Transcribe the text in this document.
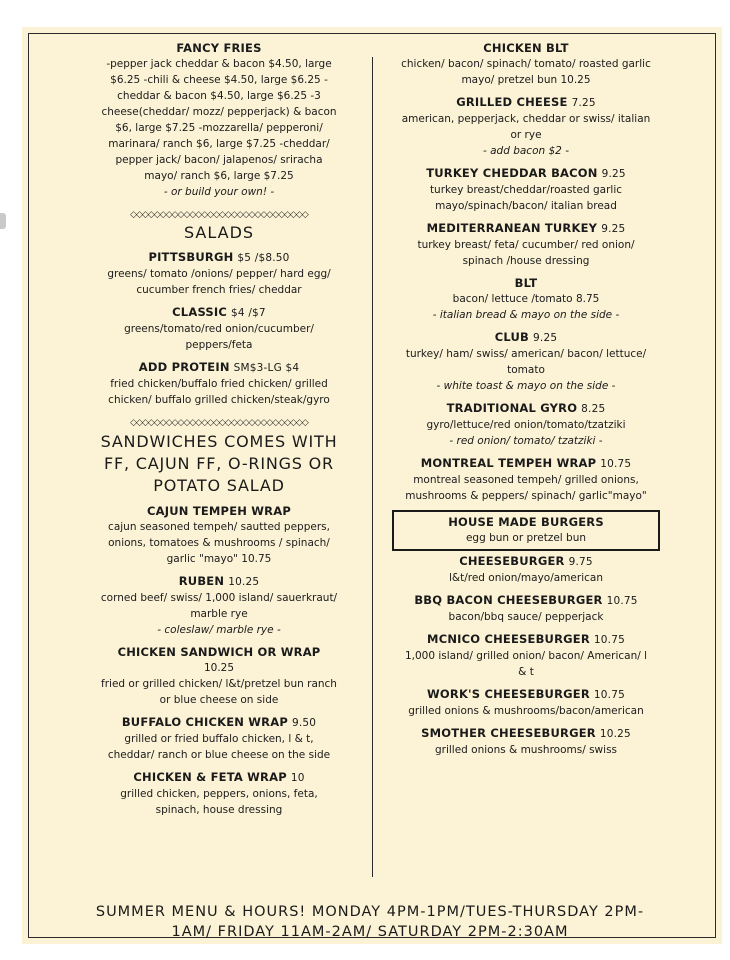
FANCY FRIES
-pepper jack cheddar & bacon $4.50, large $6.25 -chili & cheese $4.50, large $6.25 -cheddar & bacon $4.50, large $6.25 -3 cheese(cheddar/ mozz/ pepperjack) & bacon $6, large $7.25 -mozzarella/ pepperoni/ marinara/ ranch $6, large $7.25 -cheddar/ pepper jack/ bacon/ jalapenos/ sriracha mayo/ ranch $6, large $7.25
- or build your own! -
◇◇◇◇◇◇◇◇◇◇◇◇◇◇◇◇◇◇◇◇◇◇◇◇◇◇◇◇◇◇
SALADS
PITTSBURGH $5 /$8.50
greens/ tomato /onions/ pepper/ hard egg/ cucumber french fries/ cheddar
CLASSIC $4 /$7
greens/tomato/red onion/cucumber/ peppers/feta
ADD PROTEIN SM$3-LG $4
fried chicken/buffalo fried chicken/ grilled chicken/ buffalo grilled chicken/steak/gyro
◇◇◇◇◇◇◇◇◇◇◇◇◇◇◇◇◇◇◇◇◇◇◇◇◇◇◇◇◇◇
SANDWICHES COMES WITH FF, CAJUN FF, O-RINGS OR POTATO SALAD
CAJUN TEMPEH WRAP
cajun seasoned tempeh/ sautted peppers, onions, tomatoes & mushrooms / spinach/ garlic "mayo" 10.75
RUBEN 10.25
corned beef/ swiss/ 1,000 island/ sauerkraut/ marble rye
- coleslaw/ marble rye -
CHICKEN SANDWICH OR WRAP
10.25
fried or grilled chicken/ l&t/pretzel bun ranch or blue cheese on side
BUFFALO CHICKEN WRAP 9.50
grilled or fried buffalo chicken, l & t, cheddar/ ranch or blue cheese on the side
CHICKEN & FETA WRAP 10
grilled chicken, peppers, onions, feta, spinach, house dressing
CHICKEN BLT
chicken/ bacon/ spinach/ tomato/ roasted garlic mayo/ pretzel bun 10.25
GRILLED CHEESE 7.25
american, pepperjack, cheddar or swiss/ italian or rye
- add bacon $2 -
TURKEY CHEDDAR BACON 9.25
turkey breast/cheddar/roasted garlic mayo/spinach/bacon/ italian bread
MEDITERRANEAN TURKEY 9.25
turkey breast/ feta/ cucumber/ red onion/ spinach /house dressing
BLT
bacon/ lettuce /tomato 8.75
- italian bread & mayo on the side -
CLUB 9.25
turkey/ ham/ swiss/ american/ bacon/ lettuce/ tomato
- white toast & mayo on the side -
TRADITIONAL GYRO 8.25
gyro/lettuce/red onion/tomato/tzatziki
- red onion/ tomato/ tzatziki -
MONTREAL TEMPEH WRAP 10.75
montreal seasoned tempeh/ grilled onions, mushrooms & peppers/ spinach/ garlic"mayo"
HOUSE MADE BURGERS
egg bun or pretzel bun
CHEESEBURGER 9.75
l&t/red onion/mayo/american
BBQ BACON CHEESEBURGER 10.75
bacon/bbq sauce/ pepperjack
MCNICO CHEESEBURGER 10.75
1,000 island/ grilled onion/ bacon/ American/ l & t
WORK'S CHEESEBURGER 10.75
grilled onions & mushrooms/bacon/american
SMOTHER CHEESEBURGER 10.25
grilled onions & mushrooms/ swiss
SUMMER MENU & HOURS! MONDAY 4PM-1PM/TUES-THURSDAY 2PM-1AM/ FRIDAY 11AM-2AM/ SATURDAY 2PM-2:30AM
